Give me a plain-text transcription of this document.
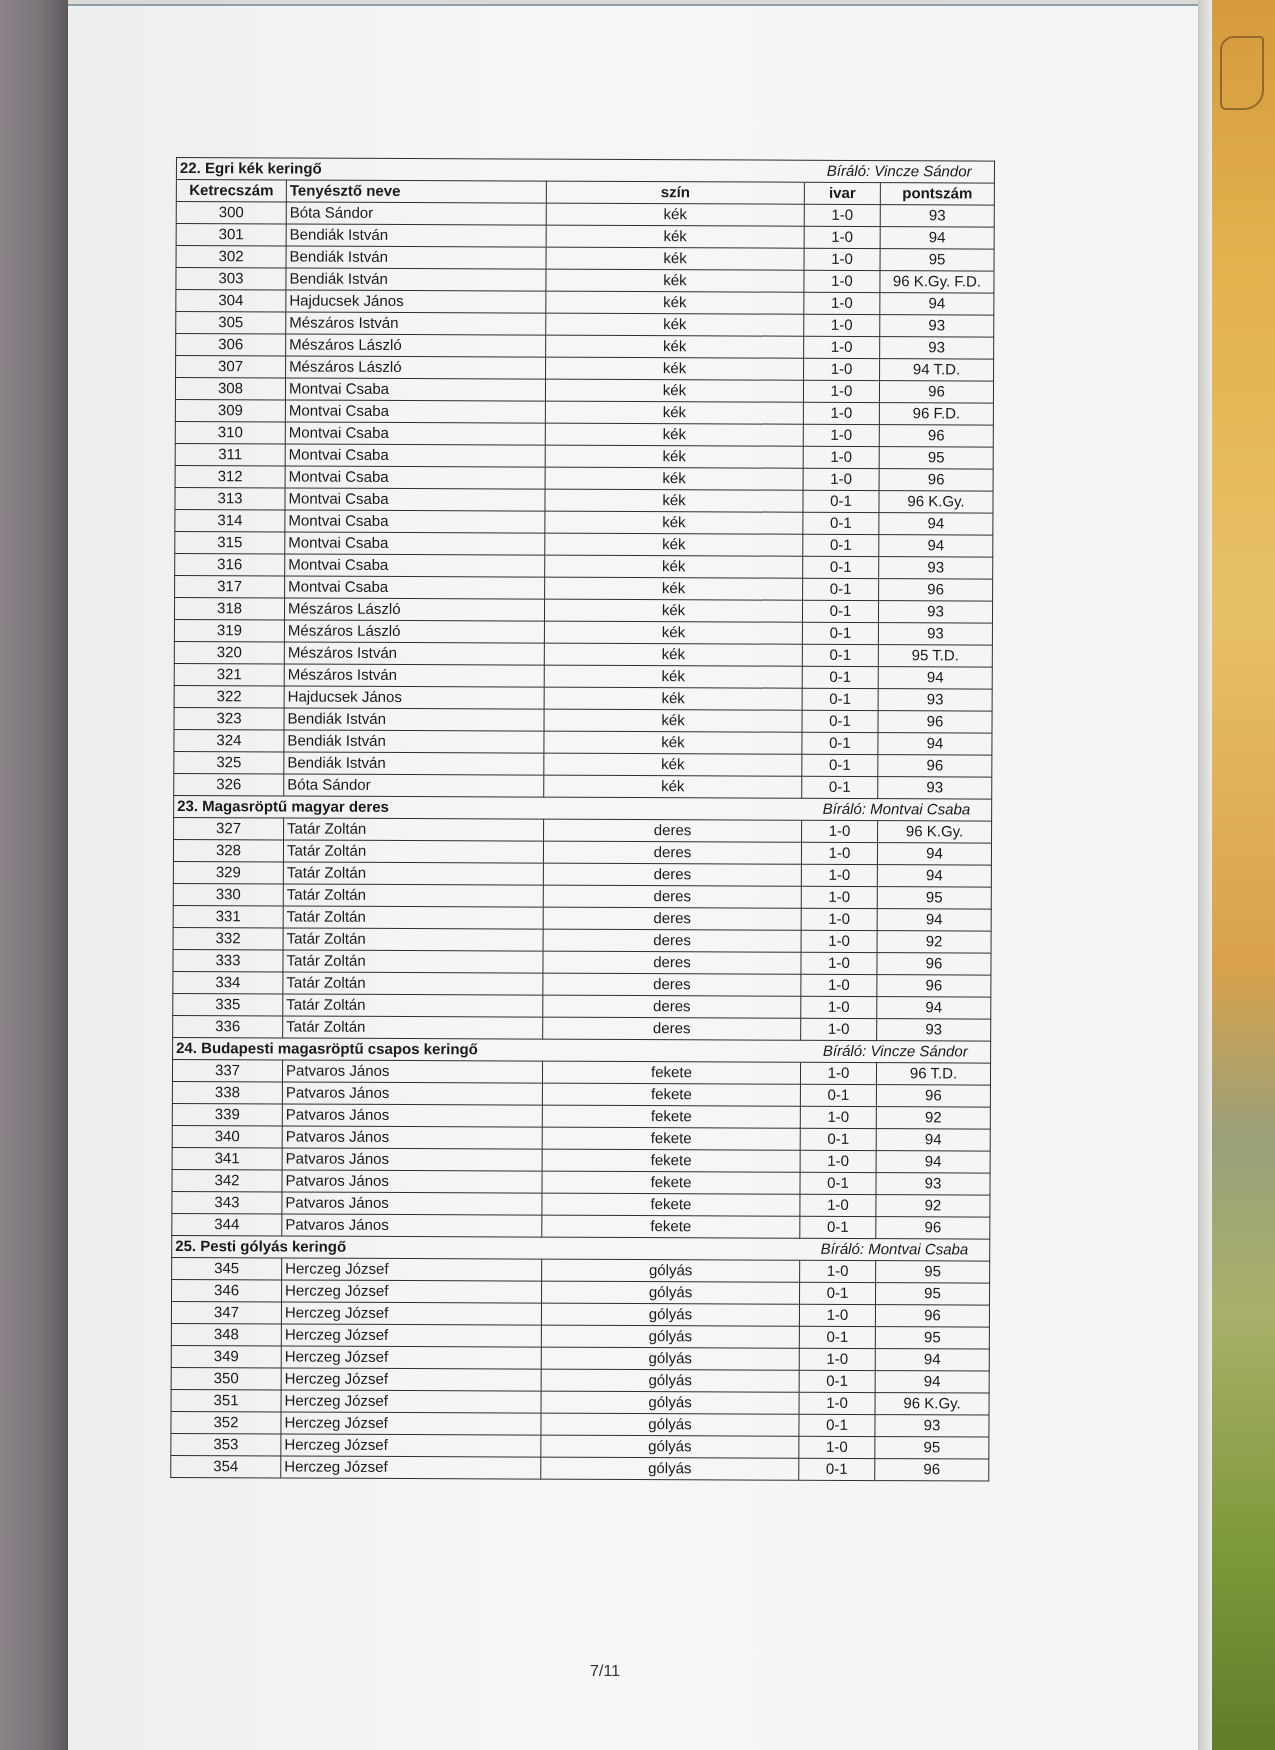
22. Egri kék keringő			Bíráló: Vincze Sándor	
Ketrecszám	Tenyésztő neve	szín	ivar	pontszám
300	Bóta Sándor	kék	1-0	93
301	Bendiák István	kék	1-0	94
302	Bendiák István	kék	1-0	95
303	Bendiák István	kék	1-0	96 K.Gy. F.D.
304	Hajducsek János	kék	1-0	94
305	Mészáros István	kék	1-0	93
306	Mészáros László	kék	1-0	93
307	Mészáros László	kék	1-0	94 T.D.
308	Montvai Csaba	kék	1-0	96
309	Montvai Csaba	kék	1-0	96 F.D.
310	Montvai Csaba	kék	1-0	96
311	Montvai Csaba	kék	1-0	95
312	Montvai Csaba	kék	1-0	96
313	Montvai Csaba	kék	0-1	96 K.Gy.
314	Montvai Csaba	kék	0-1	94
315	Montvai Csaba	kék	0-1	94
316	Montvai Csaba	kék	0-1	93
317	Montvai Csaba	kék	0-1	96
318	Mészáros László	kék	0-1	93
319	Mészáros László	kék	0-1	93
320	Mészáros István	kék	0-1	95 T.D.
321	Mészáros István	kék	0-1	94
322	Hajducsek János	kék	0-1	93
323	Bendiák István	kék	0-1	96
324	Bendiák István	kék	0-1	94
325	Bendiák István	kék	0-1	96
326	Bóta Sándor	kék	0-1	93
23. Magasröptű magyar deres			Bíráló: Montvai Csaba	
327	Tatár Zoltán	deres	1-0	96 K.Gy.
328	Tatár Zoltán	deres	1-0	94
329	Tatár Zoltán	deres	1-0	94
330	Tatár Zoltán	deres	1-0	95
331	Tatár Zoltán	deres	1-0	94
332	Tatár Zoltán	deres	1-0	92
333	Tatár Zoltán	deres	1-0	96
334	Tatár Zoltán	deres	1-0	96
335	Tatár Zoltán	deres	1-0	94
336	Tatár Zoltán	deres	1-0	93
24. Budapesti magasröptű csapos keringő			Bíráló: Vincze Sándor	
337	Patvaros János	fekete	1-0	96 T.D.
338	Patvaros János	fekete	0-1	96
339	Patvaros János	fekete	1-0	92
340	Patvaros János	fekete	0-1	94
341	Patvaros János	fekete	1-0	94
342	Patvaros János	fekete	0-1	93
343	Patvaros János	fekete	1-0	92
344	Patvaros János	fekete	0-1	96
25. Pesti gólyás keringő			Bíráló: Montvai Csaba	
345	Herczeg József	gólyás	1-0	95
346	Herczeg József	gólyás	0-1	95
347	Herczeg József	gólyás	1-0	96
348	Herczeg József	gólyás	0-1	95
349	Herczeg József	gólyás	1-0	94
350	Herczeg József	gólyás	0-1	94
351	Herczeg József	gólyás	1-0	96 K.Gy.
352	Herczeg József	gólyás	0-1	93
353	Herczeg József	gólyás	1-0	95
354	Herczeg József	gólyás	0-1	96
7/11
